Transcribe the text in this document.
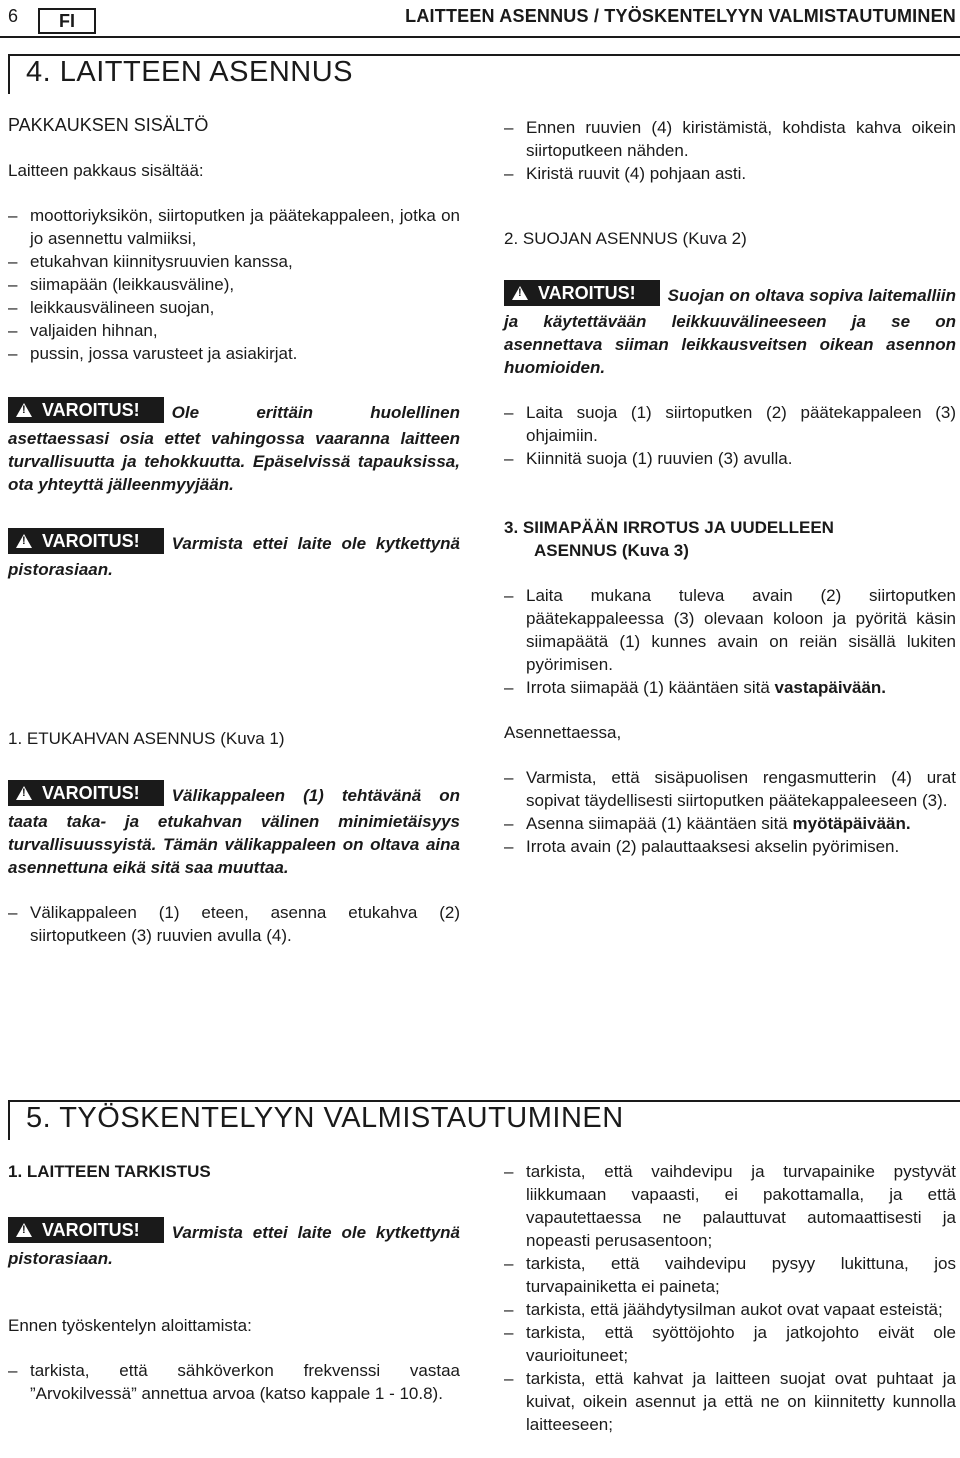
6 FI	LAITTEEN ASENNUS / TYÖSKENTELYYN VALMISTAUTUMINEN
4. LAITTEEN ASENNUS

PAKKAUKSEN SISÄLTÖ

Laitteen pakkaus sisältää:

– moottoriyksikön, siirtoputken ja päätekappaleen, jotka on jo asennettu valmiiksi,

– etukahvan kiinnitysruuvien kanssa,

– siimapään (leikkausväline),

– leikkausvälineen suojan,

– valjaiden hihnan,

– pussin, jossa varusteet ja asiakirjat.

!
VAROITUS! Ole erittäin huolellinen asettaessasi osia ettet vahingossa vaaranna laitteen turvallisuutta ja tehokkuutta. Epäselvissä tapauksissa, ota yhteyttä jälleenmyyjään.

!
VAROITUS! Varmista ettei laite ole kytkettynä pistorasiaan.

1. ETUKAHVAN ASENNUS (Kuva 1)

!
VAROITUS! Välikappaleen (1) tehtävänä on taata taka- ja etukahvan välinen minimietäisyys turvallisuussyistä. Tämän välikappaleen on oltava aina asennettuna eikä sitä saa muuttaa.

– Välikappaleen (1) eteen, asenna etukahva (2) siirtoputkeen (3) ruuvien avulla (4).

– Ennen ruuvien (4) kiristämistä, kohdista kahva oikein siirtoputkeen nähden.

– Kiristä ruuvit (4) pohjaan asti.

2. SUOJAN ASENNUS (Kuva 2)

!
VAROITUS! Suojan on oltava sopiva laitemalliin ja käytettävään leikkuuvälineeseen ja se on asennettava siiman leikkausveitsen oikean asennon huomioiden.

– Laita suoja (1) siirtoputken (2) päätekappaleen (3) ohjaimiin.

– Kiinnitä suoja (1) ruuvien (3) avulla.

3. SIIMAPÄÄN IRROTUS JA UUDELLEEN

ASENNUS (Kuva 3)

– Laita mukana tuleva avain (2) siirtoputken päätekappaleessa (3) olevaan koloon ja pyöritä käsin siimapäätä (1) kunnes avain on reiän sisällä lukiten pyörimisen.

– Irrota siimapää (1) kääntäen sitä vastapäivään.

Asennettaessa,

– Varmista, että sisäpuolisen rengasmutterin (4) urat sopivat täydellisesti siirtoputken päätekappaleeseen (3).

– Asenna siimapää (1) kääntäen sitä myötäpäivään.

– Irrota avain (2) palauttaaksesi akselin pyörimisen.

5. TYÖSKENTELYYN VALMISTAUTUMINEN

1. LAITTEEN TARKISTUS

!
VAROITUS! Varmista ettei laite ole kytkettynä pistorasiaan.

Ennen työskentelyn aloittamista:

– tarkista, että sähköverkon frekvenssi vastaa ”Arvokilvessä” annettua arvoa (katso kappale 1 - 10.8).

– tarkista, että vaihdevipu ja turvapainike pystyvät liikkumaan vapaasti, ei pakottamalla, ja että vapautettaessa ne palauttuvat automaattisesti ja nopeasti perusasentoon;

– tarkista, että vaihdevipu pysyy lukittuna, jos turvapainiketta ei paineta;

– tarkista, että jäähdytysilman aukot ovat vapaat esteistä;

– tarkista, että syöttöjohto ja jatkojohto eivät ole vaurioituneet;

– tarkista, että kahvat ja laitteen suojat ovat puhtaat ja kuivat, oikein asennut ja että ne on kiinnitetty kunnolla laitteeseen;
